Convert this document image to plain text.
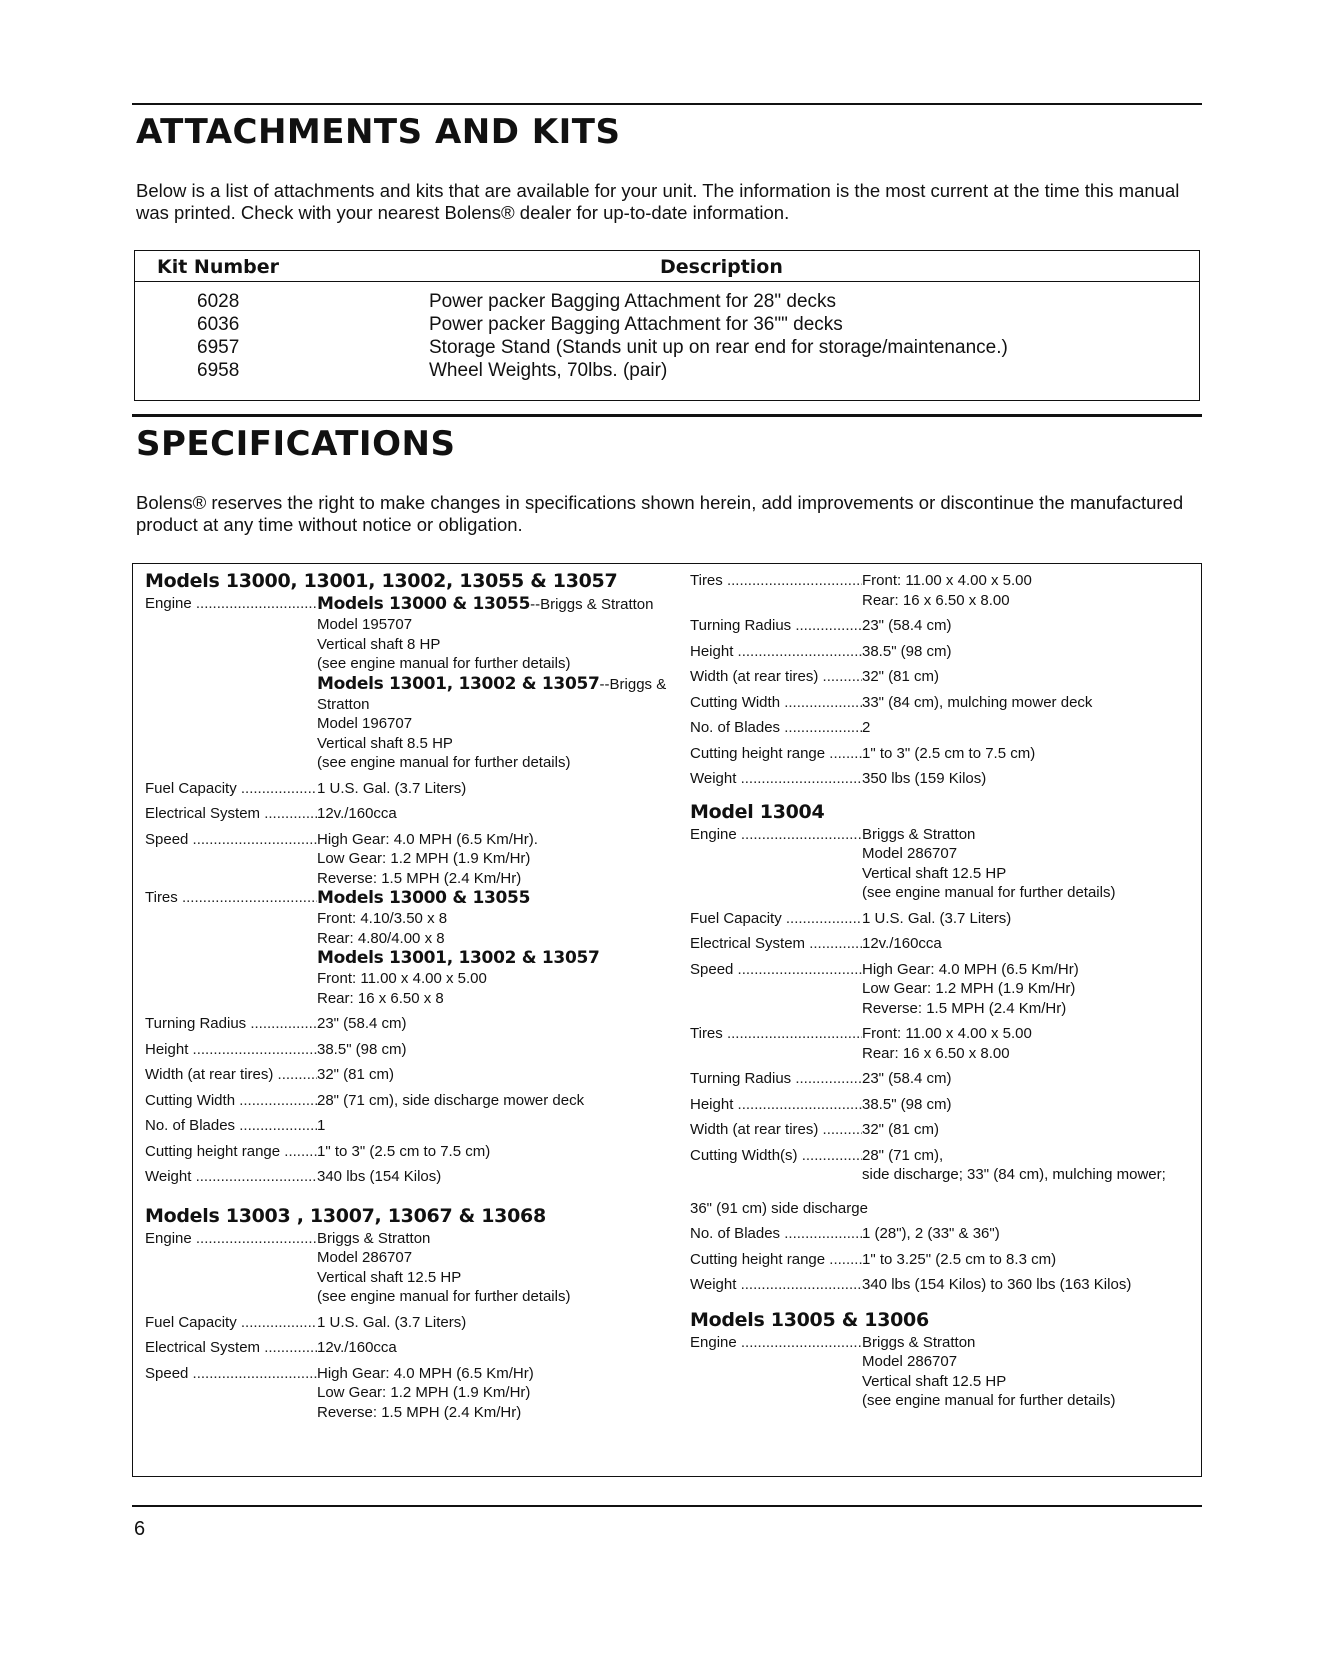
ATTACHMENTS AND KITS

Below is a list of attachments and kits that are available for your unit. The information is the most current at the time this manual was printed. Check with your nearest Bolens® dealer for up-to-date information.

Kit Number	Description
6028	Power packer Bagging Attachment for 28" decks
6036	Power packer Bagging Attachment for 36"" decks
6957	Storage Stand (Stands unit up on rear end for storage/maintenance.)
6958	Wheel Weights, 70lbs. (pair)
SPECIFICATIONS

Bolens® reserves the right to make changes in specifications shown herein, add improvements or discontinue the manufactured product at any time without notice or obligation.

Models 13000, 13001, 13002, 13055 & 13057
Engine .....	Models 13000 & 13055--Briggs & Stratton
Model 195707
Vertical shaft 8 HP
(see engine manual for further details)
Models 13001, 13002 & 13057--Briggs &
Stratton
Model 196707
Vertical shaft 8.5 HP
(see engine manual for further details)
Fuel Capacity .....	1 U.S. Gal. (3.7 Liters)
Electrical System .....	12v./160cca
Speed .....	High Gear: 4.0 MPH (6.5 Km/Hr).
Low Gear: 1.2 MPH (1.9 Km/Hr)
Reverse: 1.5 MPH (2.4 Km/Hr)
Tires .....	Models 13000 & 13055
Front: 4.10/3.50 x 8
Rear: 4.80/4.00 x 8
Models 13001, 13002 & 13057
Front: 11.00 x 4.00 x 5.00
Rear: 16 x 6.50 x 8
Turning Radius .....	23" (58.4 cm)
Height .....	38.5" (98 cm)
Width (at rear tires) .....	32" (81 cm)
Cutting Width .....	28" (71 cm), side discharge mower deck
No. of Blades .....	1
Cutting height range .....	1" to 3" (2.5 cm to 7.5 cm)
Weight .....	340 lbs (154 Kilos)
Models 13003 , 13007, 13067 & 13068
Engine .....	Briggs & Stratton
Model 286707
Vertical shaft 12.5 HP
(see engine manual for further details)
Fuel Capacity .....	1 U.S. Gal. (3.7 Liters)
Electrical System .....	12v./160cca
Speed .....	High Gear: 4.0 MPH (6.5 Km/Hr)
Low Gear: 1.2 MPH (1.9 Km/Hr)
Reverse: 1.5 MPH (2.4 Km/Hr)
Tires .....	Front: 11.00 x 4.00 x 5.00
Rear: 16 x 6.50 x 8.00
Turning Radius .....	23" (58.4 cm)
Height .....	38.5" (98 cm)
Width (at rear tires) .....	32" (81 cm)
Cutting Width .....	33" (84 cm), mulching mower deck
No. of Blades .....	2
Cutting height range .....	1" to 3" (2.5 cm to 7.5 cm)
Weight .....	350 lbs (159 Kilos)
Model 13004
Engine .....	Briggs & Stratton
Model 286707
Vertical shaft 12.5 HP
(see engine manual for further details)
Fuel Capacity .....	1 U.S. Gal. (3.7 Liters)
Electrical System .....	12v./160cca
Speed .....	High Gear: 4.0 MPH (6.5 Km/Hr)
Low Gear: 1.2 MPH (1.9 Km/Hr)
Reverse: 1.5 MPH (2.4 Km/Hr)
Tires .....	Front: 11.00 x 4.00 x 5.00
Rear: 16 x 6.50 x 8.00
Turning Radius .....	23" (58.4 cm)
Height .....	38.5" (98 cm)
Width (at rear tires) .....	32" (81 cm)
Cutting Width(s) .....	28" (71 cm),
side discharge; 33" (84 cm), mulching mower;
36" (91 cm) side discharge
No. of Blades .....	1 (28"), 2 (33" & 36")
Cutting height range .....	1" to 3.25" (2.5 cm to 8.3 cm)
Weight .....	340 lbs (154 Kilos) to 360 lbs (163 Kilos)
Models 13005 & 13006
Engine .....	Briggs & Stratton
Model 286707
Vertical shaft 12.5 HP
(see engine manual for further details)
6
